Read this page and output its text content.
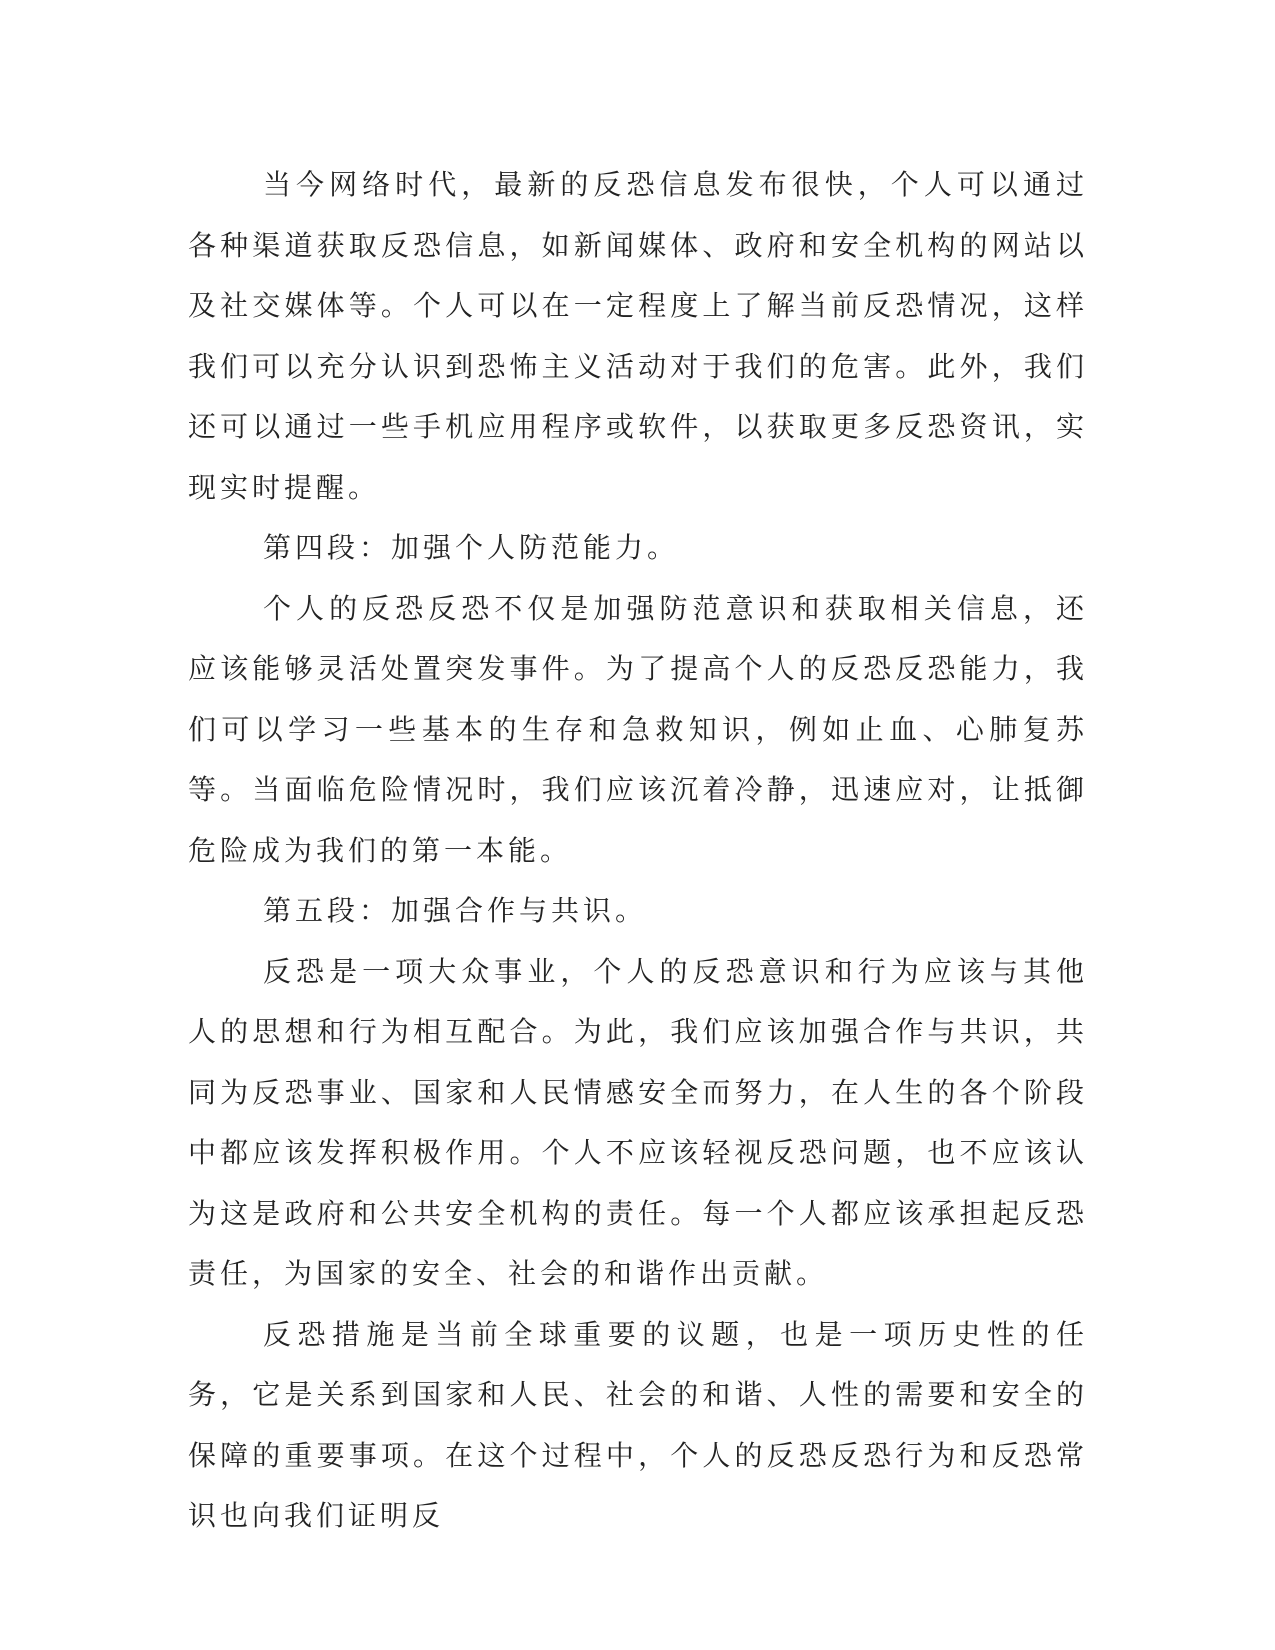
当今网络时代，最新的反恐信息发布很快，个人可以通过各种渠道获取反恐信息，如新闻媒体、政府和安全机构的网站以及社交媒体等。个人可以在一定程度上了解当前反恐情况，这样我们可以充分认识到恐怖主义活动对于我们的危害。此外，我们还可以通过一些手机应用程序或软件，以获取更多反恐资讯，实现实时提醒。

第四段：加强个人防范能力。

个人的反恐反恐不仅是加强防范意识和获取相关信息，还应该能够灵活处置突发事件。为了提高个人的反恐反恐能力，我们可以学习一些基本的生存和急救知识，例如止血、心肺复苏等。当面临危险情况时，我们应该沉着冷静，迅速应对，让抵御危险成为我们的第一本能。

第五段：加强合作与共识。

反恐是一项大众事业，个人的反恐意识和行为应该与其他人的思想和行为相互配合。为此，我们应该加强合作与共识，共同为反恐事业、国家和人民情感安全而努力，在人生的各个阶段中都应该发挥积极作用。个人不应该轻视反恐问题，也不应该认为这是政府和公共安全机构的责任。每一个人都应该承担起反恐责任，为国家的安全、社会的和谐作出贡献。

反恐措施是当前全球重要的议题，也是一项历史性的任务，它是关系到国家和人民、社会的和谐、人性的需要和安全的保障的重要事项。在这个过程中，个人的反恐反恐行为和反恐常识也向我们证明反
